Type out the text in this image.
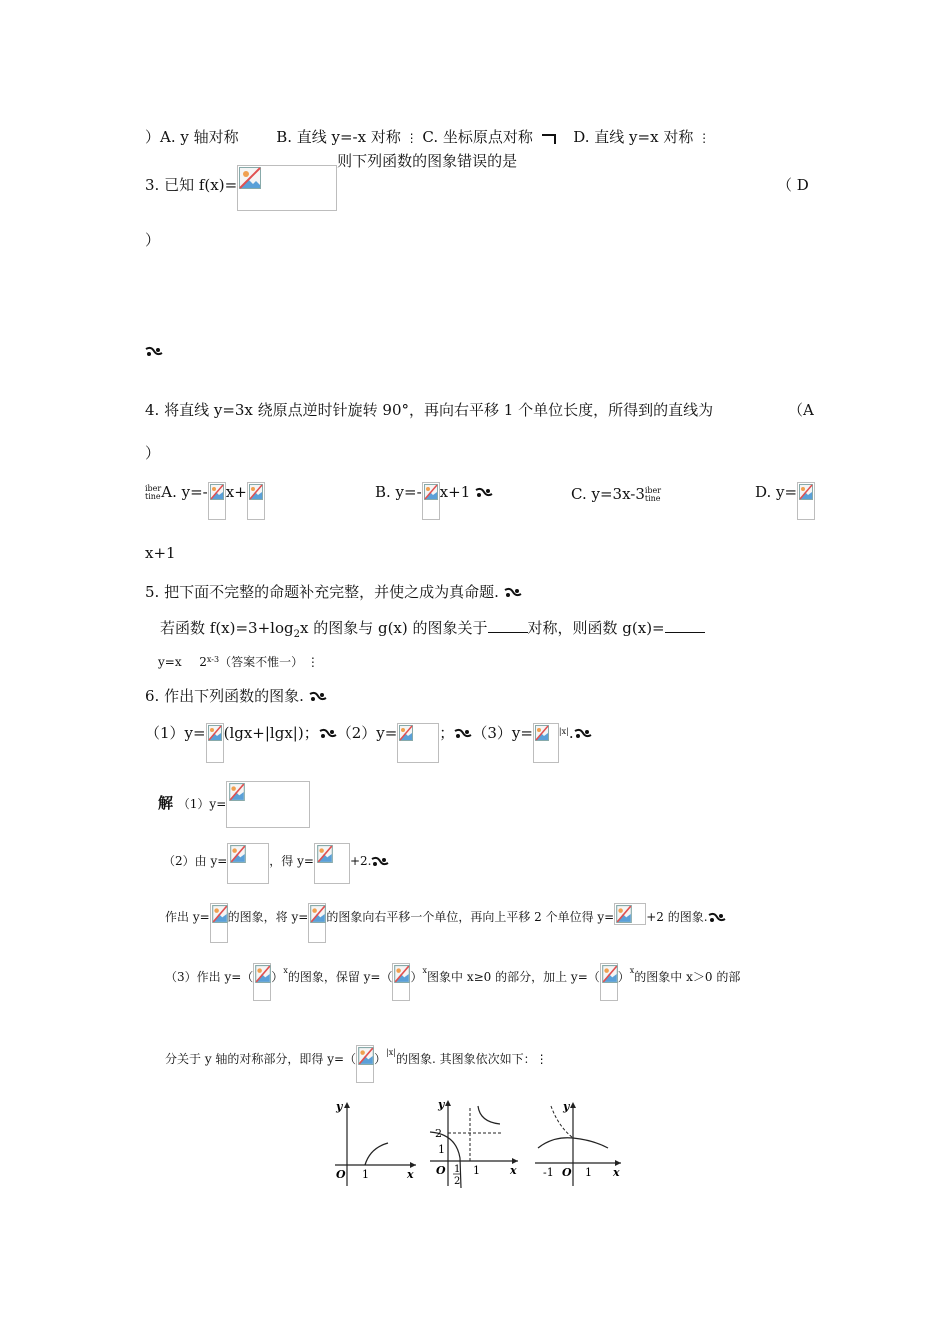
）A. y 轴对称	B. 直线 y=-x 对称 ⋮ C. 坐标原点对称	D. 直线 y=x 对称 ⋮
3. 已知 f(x)=
则下列函数的图象错误的是
（ D
）
4. 将直线 y=3x 绕原点逆时针旋转 90°，再向右平移 1 个单位长度，所得到的直线为	（A
）
iber
tineA. y=- x+	B. y=- x+1	C. y=3x-3iber
tine	D. y=
x+1
5. 把下面不完整的命题补充完整，并使之成为真命题.
若函数 $f(x)=3+\log_2x$ 的图象与 g(x) 的图象关于	对称，则函数 g(x)=
y=x 2$^{x-3}$（答案不惟一） ⋮
6. 作出下列函数的图象.
（1）y= (lgx+|lgx|)； （2）y=	； （3）y=	$^{|x|}$.
解 $_{(1)y=}$
（2）由 y=	，得 y=	+2.
作出 y= 的图象，将 y= 的图象向右平移一个单位，再向上平移 2 个单位得 y=	+2 的图象.
（3）作出 y=（ ）$^x$的图象，保留 y=（ ）$^x$图象中 x≥0 的部分，加上 y=（ ）$^x$的图象中 x＞0 的部
分关于 y 轴的对称部分，即得 y=（ ）$^{|x|}$的图象. 其图象依次如下：⋮
y
x
O 1
y
x
2
1
O 1
2
1
y
x
-1 O 1
